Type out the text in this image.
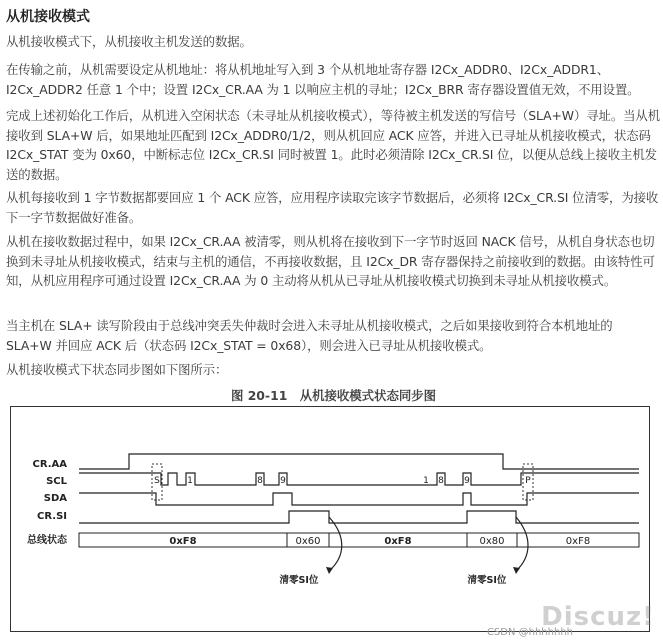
从机接收模式

从机接收模式下，从机接收主机发送的数据。

在传输之前，从机需要设定从机地址：将从机地址写入到 3 个从机地址寄存器 I2Cx_ADDR0、I2Cx_ADDR1、I2Cx_ADDR2 任意 1 个中；设置 I2Cx_CR.AA 为 1 以响应主机的寻址；I2Cx_BRR 寄存器设置值无效，不用设置。

完成上述初始化工作后，从机进入空闲状态（未寻址从机接收模式），等待被主机发送的写信号（SLA+W）寻址。当从机接收到 SLA+W 后，如果地址匹配到 I2Cx_ADDR0/1/2，则从机回应 ACK 应答，并进入已寻址从机接收模式，状态码 I2Cx_STAT 变为 0x60，中断标志位 I2Cx_CR.SI 同时被置 1。此时必须清除 I2Cx_CR.SI 位，以便从总线上接收主机发送的数据。

从机每接收到 1 字节数据都要回应 1 个 ACK 应答，应用程序读取完该字节数据后，必须将 I2Cx_CR.SI 位清零，为接收下一字节数据做好准备。

从机在接收数据过程中，如果 I2Cx_CR.AA 被清零，则从机将在接收到下一字节时返回 NACK 信号，从机自身状态也切换到未寻址从机接收模式，结束与主机的通信，不再接收数据，且 I2Cx_DR 寄存器保持之前接收到的数据。由该特性可知，从机应用程序可通过设置 I2Cx_CR.AA 为 0 主动将从机从已寻址从机接收模式切换到未寻址从机接收模式。

当主机在 SLA+ 读写阶段由于总线冲突丢失仲裁时会进入未寻址从机接收模式，之后如果接收到符合本机地址的 SLA+W 并回应 ACK 后（状态码 I2Cx_STAT = 0x68），则会进入已寻址从机接收模式。

从机接收模式下状态同步图如下图所示：

图 20-11　从机接收模式状态同步图
CR.AA
SCL
SDA
CR.SI
总线状态
S	1	8 9	1 8 9	P
0xF8	0x60	0xF8	0x80	0xF8
清零SI位	清零SI位
Discuz!
CSDN @hhhhhhh
